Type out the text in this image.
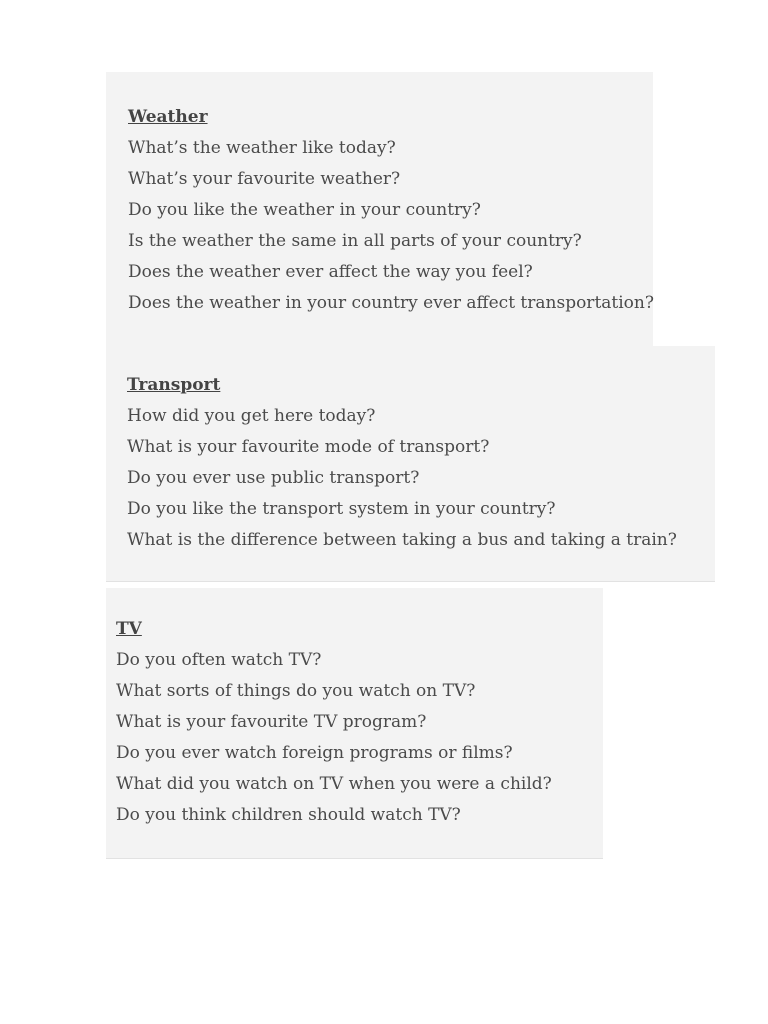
Weather
What’s the weather like today?
What’s your favourite weather?
Do you like the weather in your country?
Is the weather the same in all parts of your country?
Does the weather ever affect the way you feel?
Does the weather in your country ever affect transportation?
Transport
How did you get here today?
What is your favourite mode of transport?
Do you ever use public transport?
Do you like the transport system in your country?
What is the difference between taking a bus and taking a train?
TV
Do you often watch TV?
What sorts of things do you watch on TV?
What is your favourite TV program?
Do you ever watch foreign programs or films?
What did you watch on TV when you were a child?
Do you think children should watch TV?
